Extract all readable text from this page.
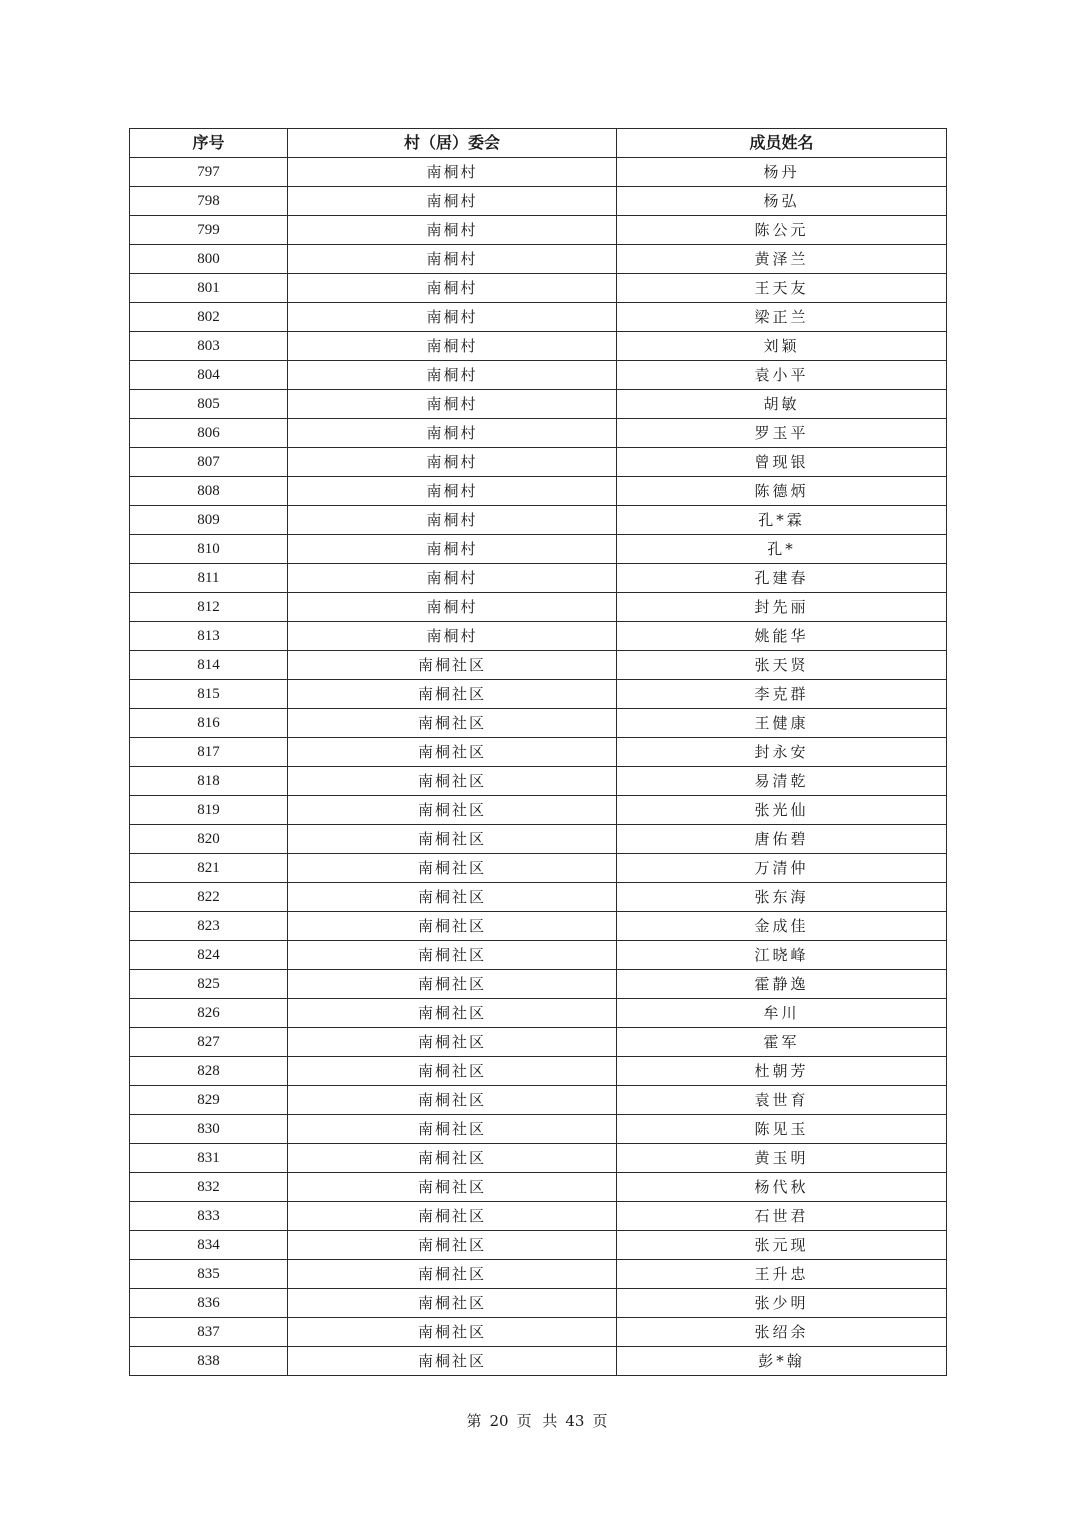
序号	村（居）委会	成员姓名
797	南桐村	杨丹
798	南桐村	杨弘
799	南桐村	陈公元
800	南桐村	黄泽兰
801	南桐村	王天友
802	南桐村	梁正兰
803	南桐村	刘颖
804	南桐村	袁小平
805	南桐村	胡敏
806	南桐村	罗玉平
807	南桐村	曾现银
808	南桐村	陈德炳
809	南桐村	孔*霖
810	南桐村	孔*
811	南桐村	孔建春
812	南桐村	封先丽
813	南桐村	姚能华
814	南桐社区	张天贤
815	南桐社区	李克群
816	南桐社区	王健康
817	南桐社区	封永安
818	南桐社区	易清乾
819	南桐社区	张光仙
820	南桐社区	唐佑碧
821	南桐社区	万清仲
822	南桐社区	张东海
823	南桐社区	金成佳
824	南桐社区	江晓峰
825	南桐社区	霍静逸
826	南桐社区	牟川
827	南桐社区	霍军
828	南桐社区	杜朝芳
829	南桐社区	袁世育
830	南桐社区	陈见玉
831	南桐社区	黄玉明
832	南桐社区	杨代秋
833	南桐社区	石世君
834	南桐社区	张元现
835	南桐社区	王升忠
836	南桐社区	张少明
837	南桐社区	张绍余
838	南桐社区	彭*翰
第 20 页 共 43 页
